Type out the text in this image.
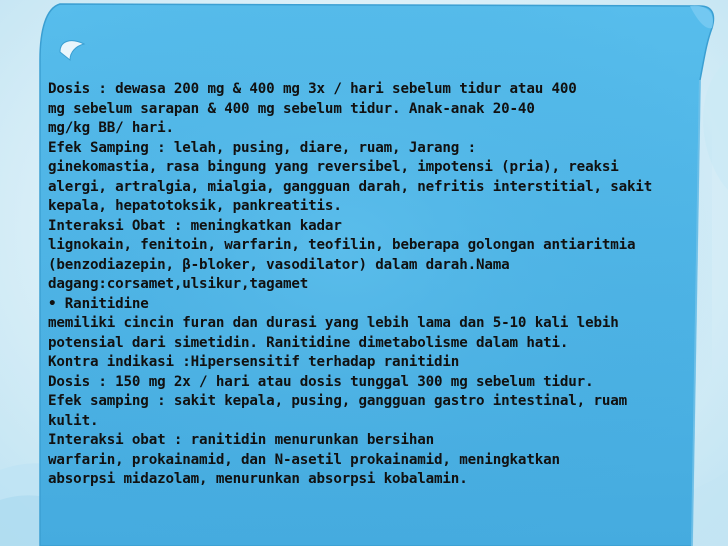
Dosis : dewasa 200 mg & 400 mg 3x / hari sebelum tidur atau 400
mg sebelum sarapan & 400 mg sebelum tidur. Anak-anak 20-40
mg/kg BB/ hari.
Efek Samping : lelah, pusing, diare, ruam, Jarang :
ginekomastia, rasa bingung yang reversibel, impotensi (pria), reaksi
alergi, artralgia, mialgia, gangguan darah, nefritis interstitial, sakit
kepala, hepatotoksik, pankreatitis.
Interaksi Obat : meningkatkan kadar
lignokain, fenitoin, warfarin, teofilin, beberapa golongan antiaritmia
(benzodiazepin, β-bloker, vasodilator) dalam darah.Nama
dagang:corsamet,ulsikur,tagamet
• Ranitidine
memiliki cincin furan dan durasi yang lebih lama dan 5-10 kali lebih
potensial dari simetidin. Ranitidine dimetabolisme dalam hati.
Kontra indikasi :Hipersensitif terhadap ranitidin
Dosis : 150 mg 2x / hari atau dosis tunggal 300 mg sebelum tidur.
Efek samping : sakit kepala, pusing, gangguan gastro intestinal, ruam
kulit.
Interaksi obat : ranitidin menurunkan bersihan
warfarin, prokainamid, dan N-asetil prokainamid, meningkatkan
absorpsi midazolam, menurunkan absorpsi kobalamin.
